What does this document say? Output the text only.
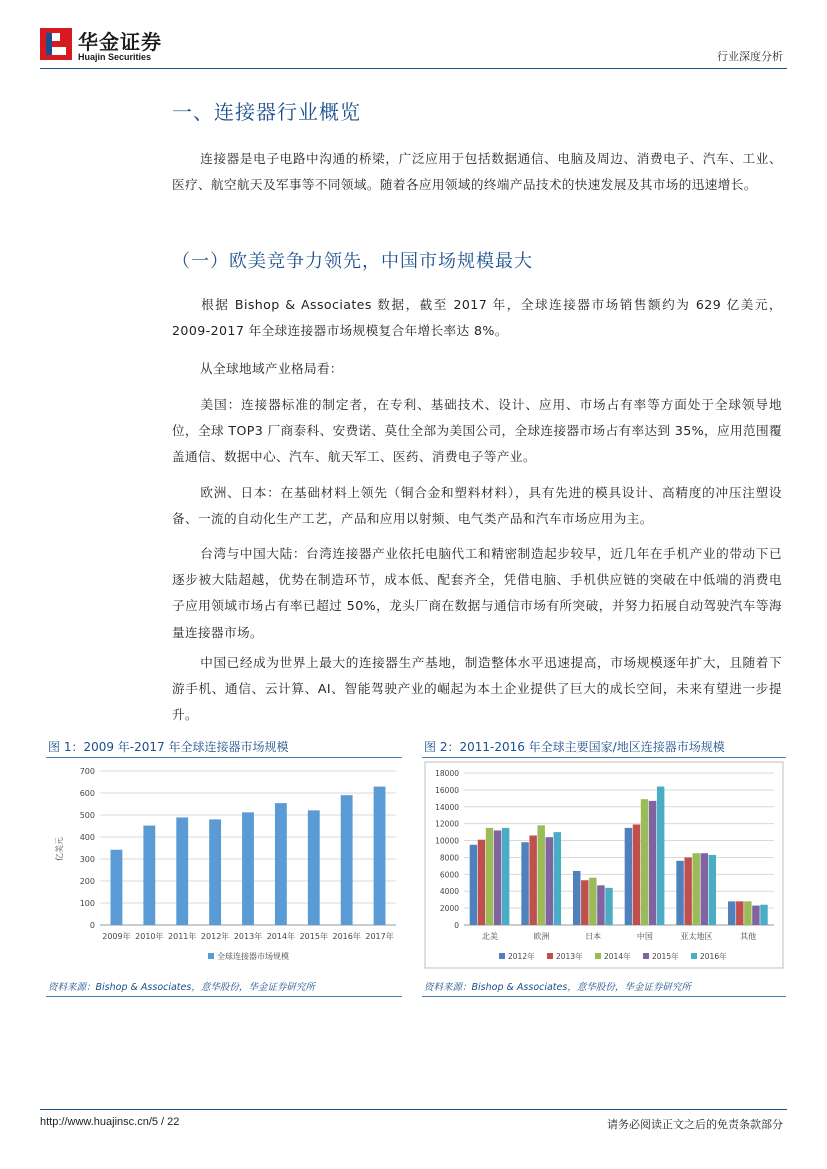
华金证券
Huajin Securities	行业深度分析
一、连接器行业概览
（一）欧美竞争力领先，中国市场规模最大
连接器是电子电路中沟通的桥梁，广泛应用于包括数据通信、电脑及周边、消费电子、汽车、工业、医疗、航空航天及军事等不同领域。随着各应用领域的终端产品技术的快速发展及其市场的迅速增长。
根据 Bishop & Associates 数据，截至 2017 年，全球连接器市场销售额约为 629 亿美元，2009-2017 年全球连接器市场规模复合年增长率达 8%。
从全球地域产业格局看：
美国：连接器标准的制定者，在专利、基础技术、设计、应用、市场占有率等方面处于全球领导地位，全球 TOP3 厂商泰科、安费诺、莫仕全部为美国公司，全球连接器市场占有率达到 35%，应用范围覆盖通信、数据中心、汽车、航天军工、医药、消费电子等产业。
欧洲、日本：在基础材料上领先（铜合金和塑料材料），具有先进的模具设计、高精度的冲压注塑设备、一流的自动化生产工艺，产品和应用以射频、电气类产品和汽车市场应用为主。
台湾与中国大陆：台湾连接器产业依托电脑代工和精密制造起步较早，近几年在手机产业的带动下已逐步被大陆超越，优势在制造环节，成本低、配套齐全，凭借电脑、手机供应链的突破在中低端的消费电子应用领域市场占有率已超过 50%，龙头厂商在数据与通信市场有所突破，并努力拓展自动驾驶汽车等海量连接器市场。
中国已经成为世界上最大的连接器生产基地，制造整体水平迅速提高，市场规模逐年扩大，且随着下游手机、通信、云计算、AI、智能驾驶产业的崛起为本土企业提供了巨大的成长空间，未来有望进一步提升。
图 1：2009 年-2017 年全球连接器市场规模
0
100
200
300
400
500
600
700
2009年 2010年 2011年 2012年 2013年 2014年 2015年 2016年 2017年
全球连接器市场规模
亿美元
资料来源：Bishop & Associates，意华股份，华金证券研究所
图 2：2011-2016 年全球主要国家/地区连接器市场规模
0
2000
4000
6000
8000
10000
12000
14000
16000
18000
北美	欧洲	日本	中国	亚太地区	其他
2012年	2013年	2014年	2015年	2016年
资料来源：Bishop & Associates，意华股份，华金证券研究所
http://www.huajinsc.cn/5 / 22	请务必阅读正文之后的免责条款部分
